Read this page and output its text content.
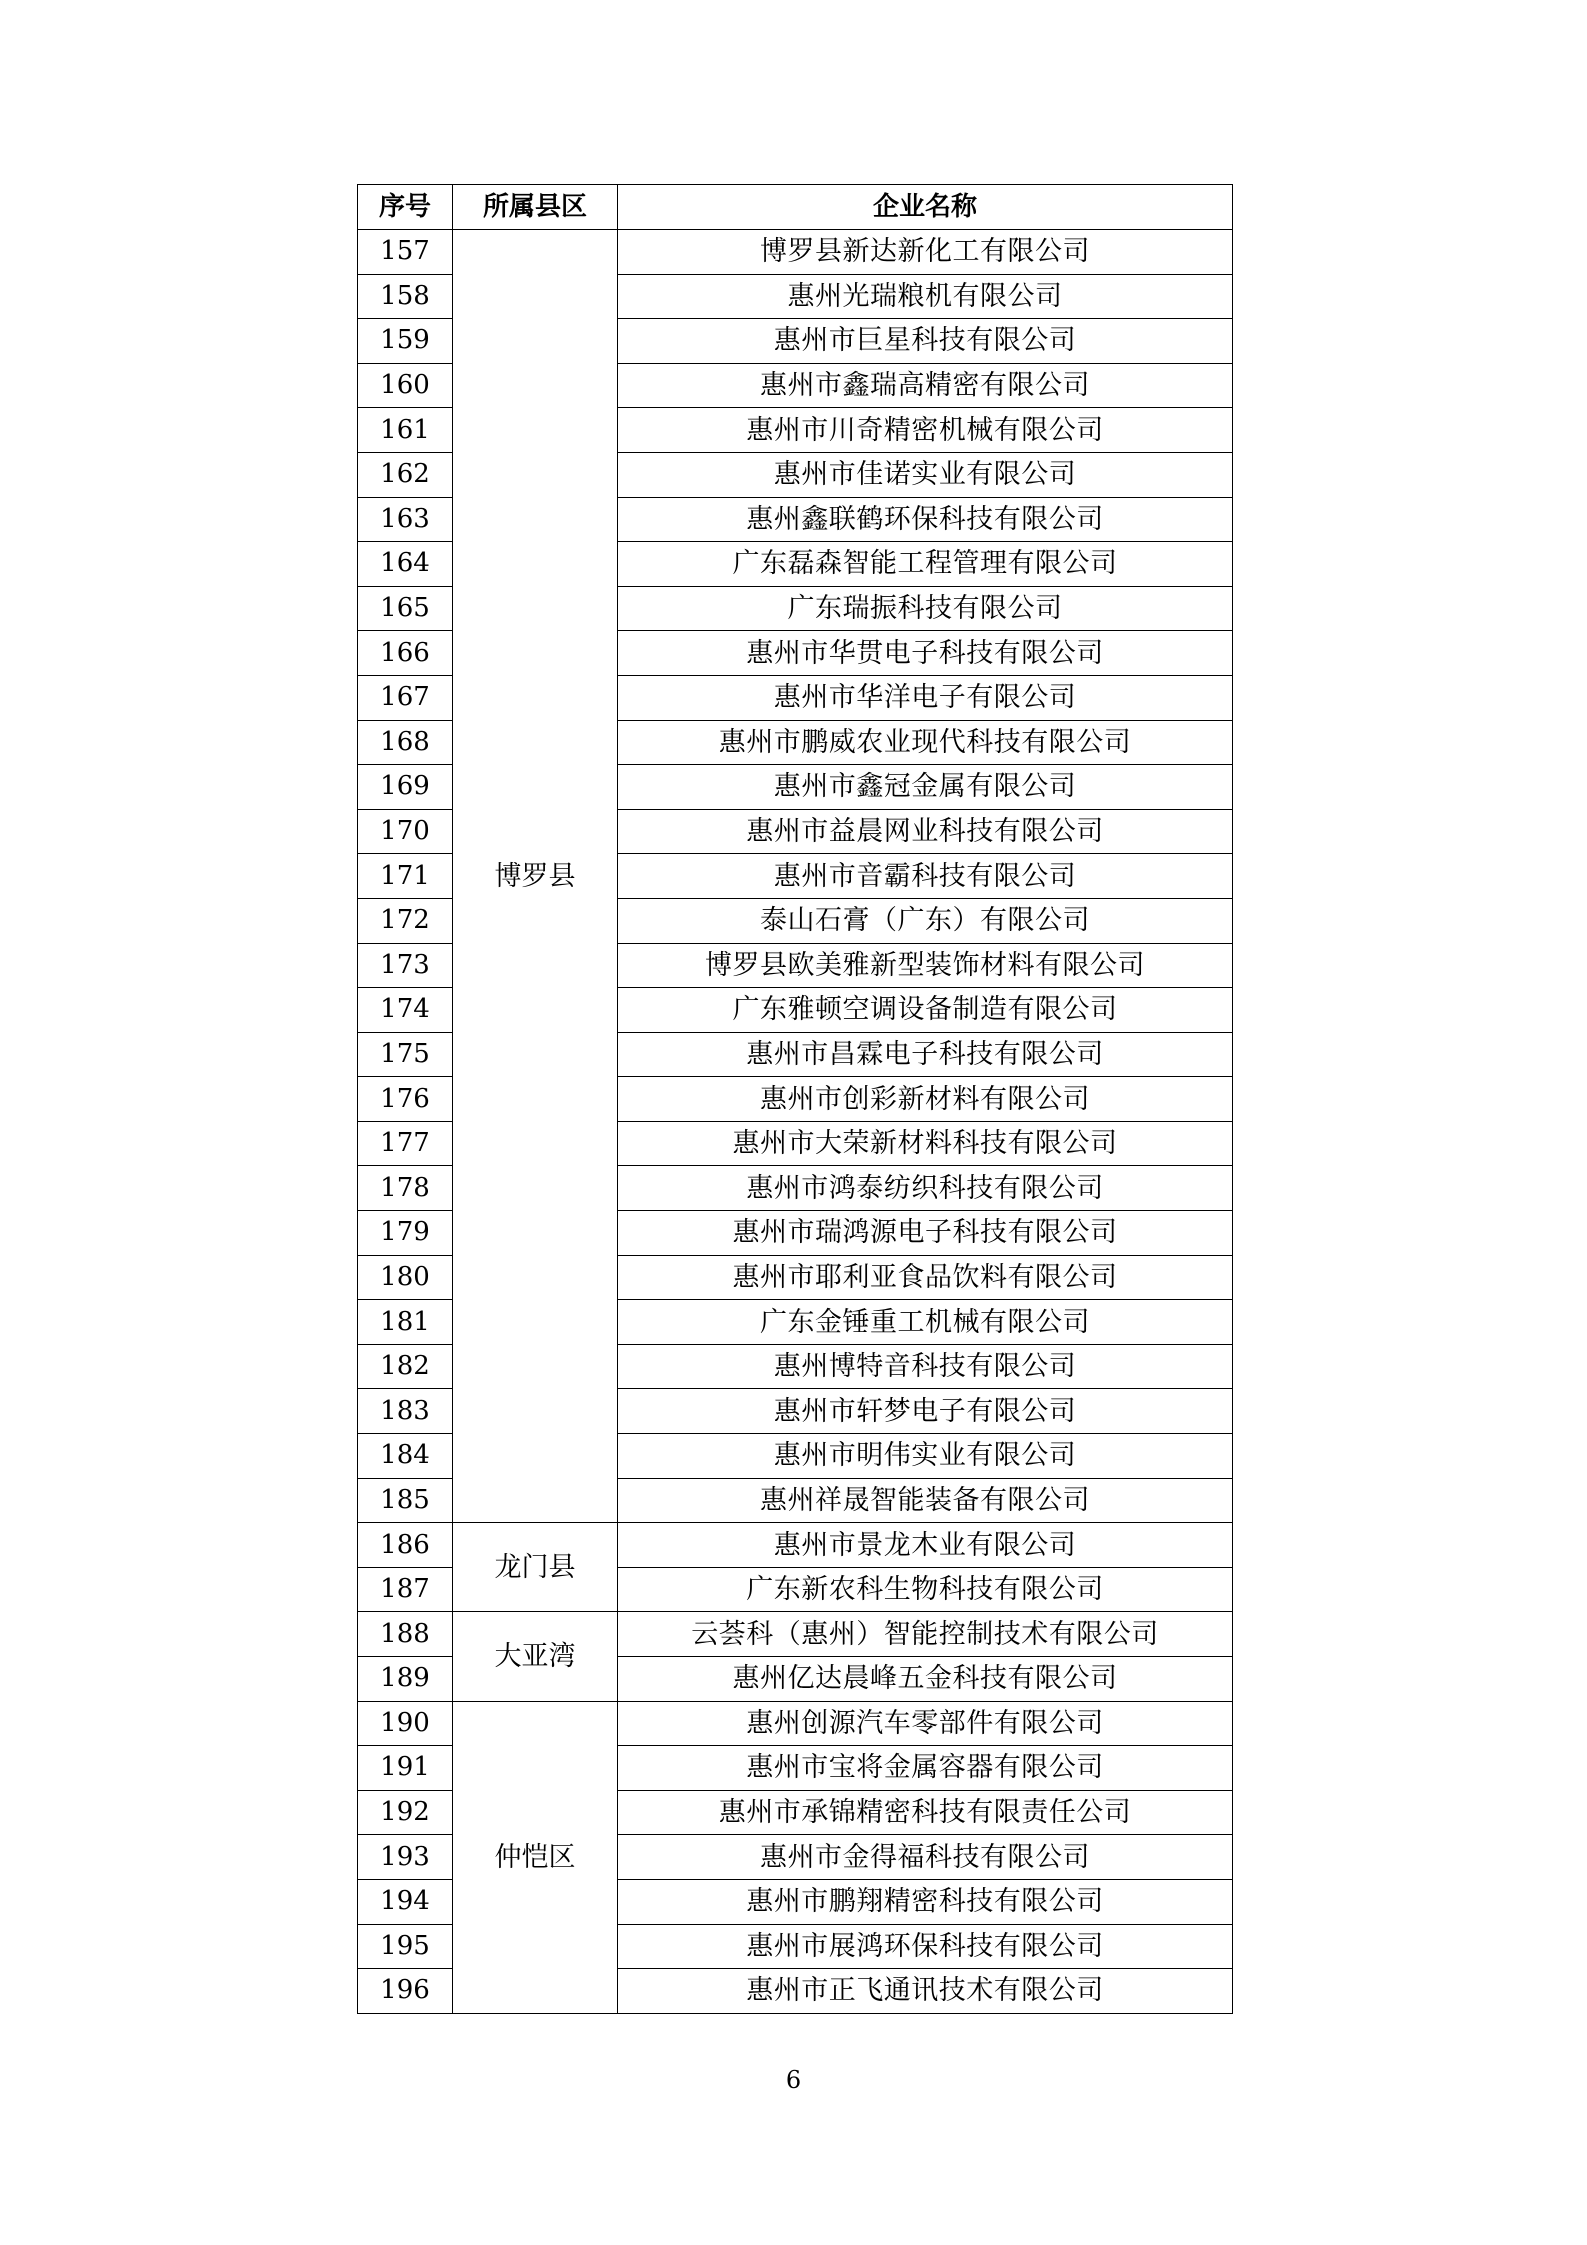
序号	所属县区	企业名称
157	博罗县	博罗县新达新化工有限公司
158		惠州光瑞粮机有限公司
159		惠州市巨星科技有限公司
160		惠州市鑫瑞高精密有限公司
161		惠州市川奇精密机械有限公司
162		惠州市佳诺实业有限公司
163		惠州鑫联鹤环保科技有限公司
164		广东磊森智能工程管理有限公司
165		广东瑞振科技有限公司
166		惠州市华贯电子科技有限公司
167		惠州市华洋电子有限公司
168		惠州市鹏威农业现代科技有限公司
169		惠州市鑫冠金属有限公司
170		惠州市益晨网业科技有限公司
171		惠州市音霸科技有限公司
172		泰山石膏（广东）有限公司
173		博罗县欧美雅新型装饰材料有限公司
174		广东雅顿空调设备制造有限公司
175		惠州市昌霖电子科技有限公司
176		惠州市创彩新材料有限公司
177		惠州市大荣新材料科技有限公司
178		惠州市鸿泰纺织科技有限公司
179		惠州市瑞鸿源电子科技有限公司
180		惠州市耶利亚食品饮料有限公司
181		广东金锤重工机械有限公司
182		惠州博特音科技有限公司
183		惠州市轩梦电子有限公司
184		惠州市明伟实业有限公司
185		惠州祥晟智能装备有限公司
186	龙门县	惠州市景龙木业有限公司
187		广东新农科生物科技有限公司
188	大亚湾	云荟科（惠州）智能控制技术有限公司
189		惠州亿达晨峰五金科技有限公司
190	仲恺区	惠州创源汽车零部件有限公司
191		惠州市宝将金属容器有限公司
192		惠州市承锦精密科技有限责任公司
193		惠州市金得福科技有限公司
194		惠州市鹏翔精密科技有限公司
195		惠州市展鸿环保科技有限公司
196		惠州市正飞通讯技术有限公司
6
